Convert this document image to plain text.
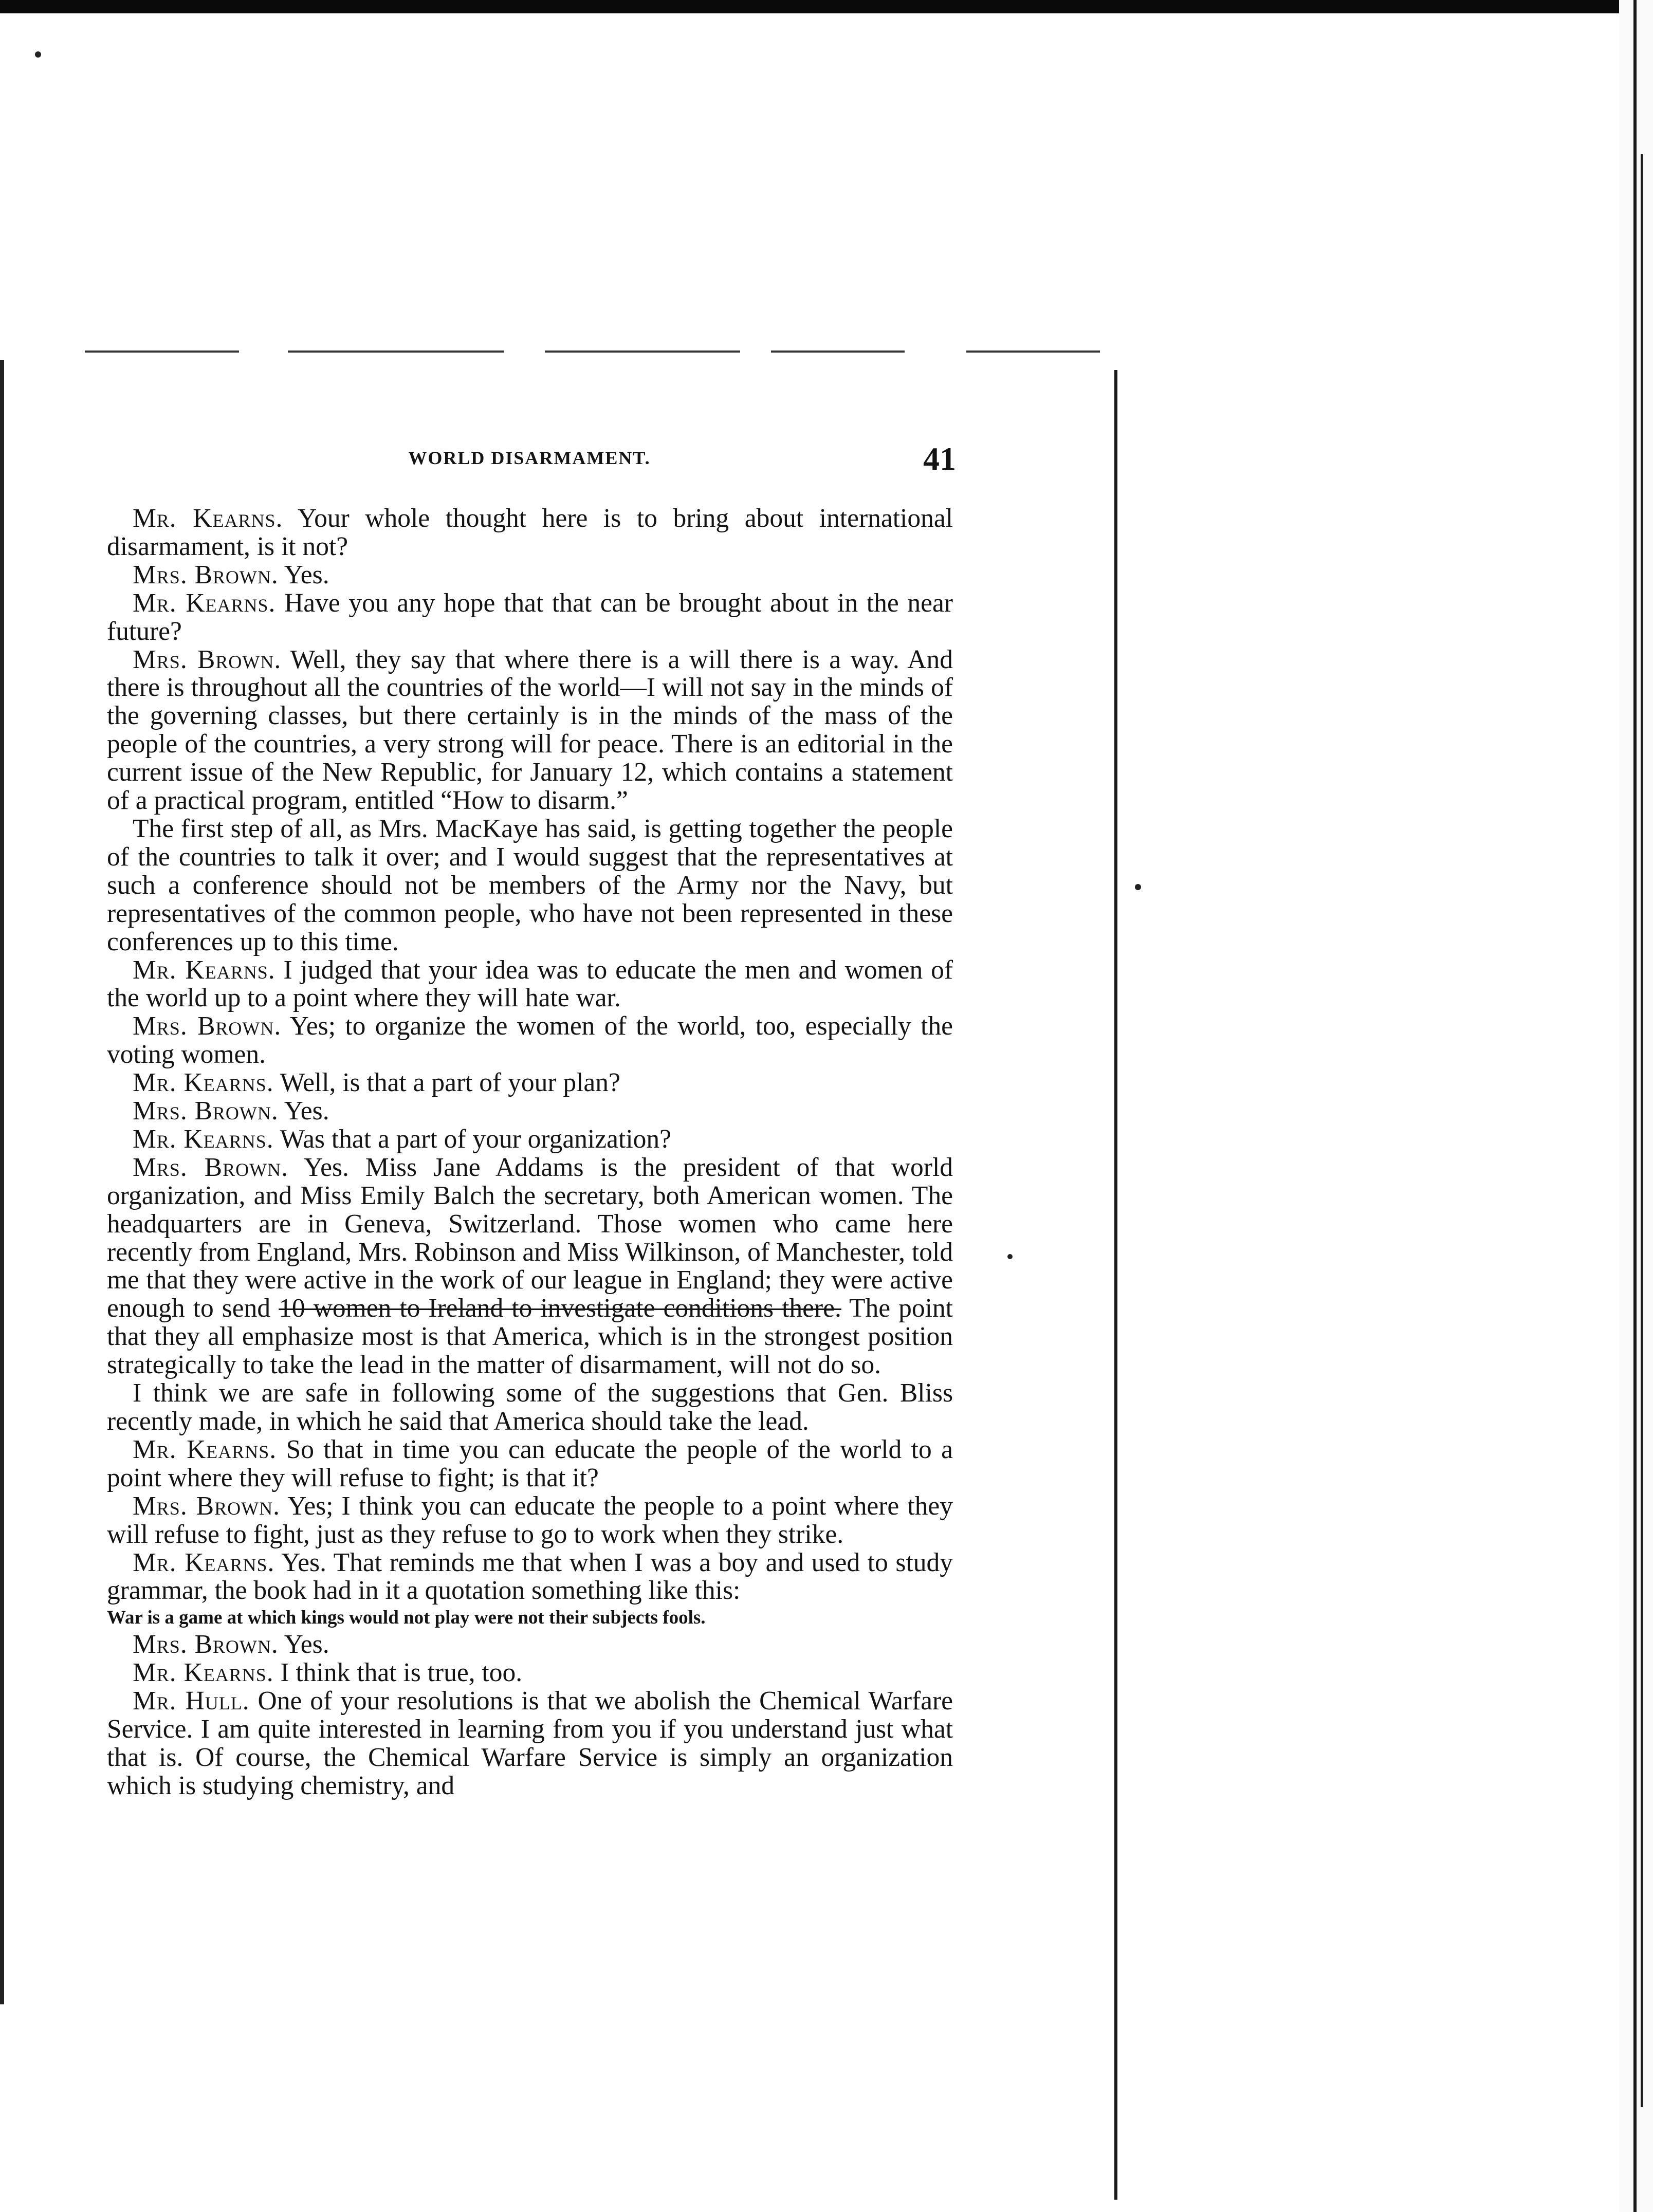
WORLD DISARMAMENT.	41

Mr. Kearns. Your whole thought here is to bring about international disarmament, is it not?

Mrs. Brown. Yes.

Mr. Kearns. Have you any hope that that can be brought about in the near future?

Mrs. Brown. Well, they say that where there is a will there is a way. And there is throughout all the countries of the world—I will not say in the minds of the governing classes, but there certainly is in the minds of the mass of the people of the countries, a very strong will for peace. There is an editorial in the current issue of the New Republic, for January 12, which contains a statement of a practical program, entitled “How to disarm.”

The first step of all, as Mrs. MacKaye has said, is getting together the people of the countries to talk it over; and I would suggest that the representatives at such a conference should not be members of the Army nor the Navy, but representatives of the common people, who have not been represented in these conferences up to this time.

Mr. Kearns. I judged that your idea was to educate the men and women of the world up to a point where they will hate war.

Mrs. Brown. Yes; to organize the women of the world, too, especially the voting women.

Mr. Kearns. Well, is that a part of your plan?

Mrs. Brown. Yes.

Mr. Kearns. Was that a part of your organization?

Mrs. Brown. Yes. Miss Jane Addams is the president of that world organization, and Miss Emily Balch the secretary, both American women. The headquarters are in Geneva, Switzerland. Those women who came here recently from England, Mrs. Robinson and Miss Wilkinson, of Manchester, told me that they were active in the work of our league in England; they were active enough to send 10 women to Ireland to investigate conditions there. The point that they all emphasize most is that America, which is in the strongest position strategically to take the lead in the matter of disarmament, will not do so.

I think we are safe in following some of the suggestions that Gen. Bliss recently made, in which he said that America should take the lead.

Mr. Kearns. So that in time you can educate the people of the world to a point where they will refuse to fight; is that it?

Mrs. Brown. Yes; I think you can educate the people to a point where they will refuse to fight, just as they refuse to go to work when they strike.

Mr. Kearns. Yes. That reminds me that when I was a boy and used to study grammar, the book had in it a quotation something like this:

War is a game at which kings would not play were not their subjects fools.

Mrs. Brown. Yes.

Mr. Kearns. I think that is true, too.

Mr. Hull. One of your resolutions is that we abolish the Chemical Warfare Service. I am quite interested in learning from you if you understand just what that is. Of course, the Chemical Warfare Service is simply an organization which is studying chemistry, and
